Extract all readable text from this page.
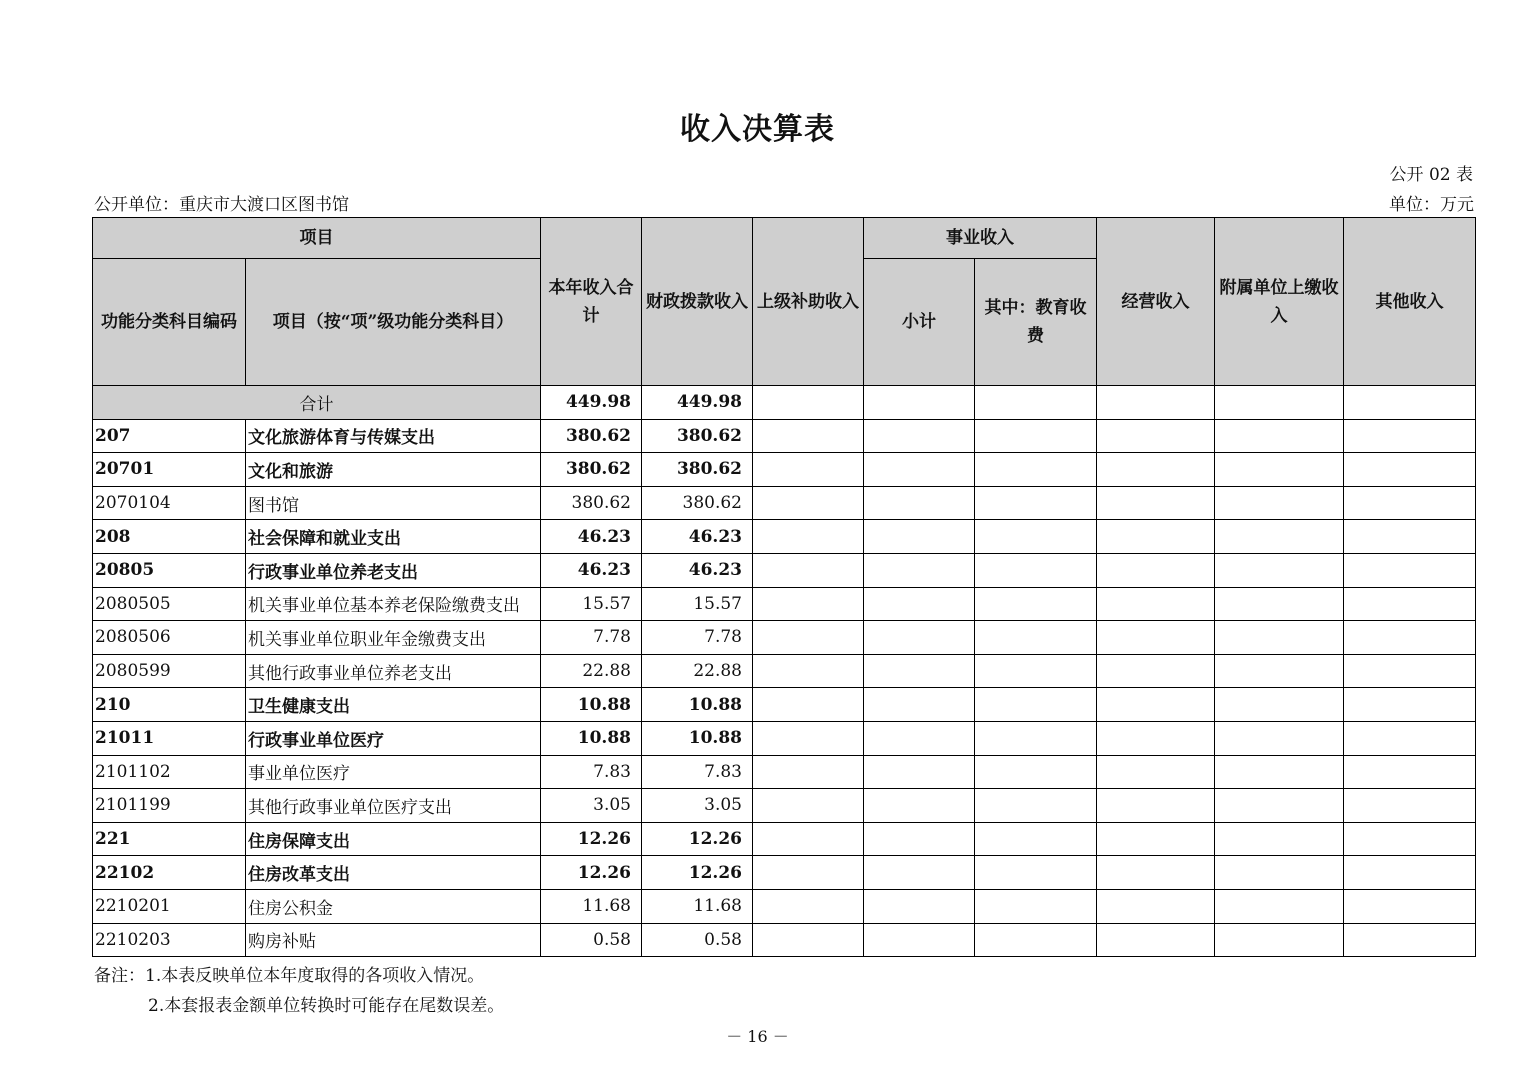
收入决算表
公开 02 表
公开单位：重庆市大渡口区图书馆	单位：万元
项目		本年收入合计	财政拨款收入	上级补助收入	事业收入		经营收入	附属单位上缴收入	其他收入
功能分类科目编码	项目（按“项”级功能分类科目）				小计	其中：教育收费			
合计		449.98	449.98						
207	文化旅游体育与传媒支出	380.62	380.62						
20701	文化和旅游	380.62	380.62						
2070104	图书馆	380.62	380.62						
208	社会保障和就业支出	46.23	46.23						
20805	行政事业单位养老支出	46.23	46.23						
2080505	机关事业单位基本养老保险缴费支出	15.57	15.57						
2080506	机关事业单位职业年金缴费支出	7.78	7.78						
2080599	其他行政事业单位养老支出	22.88	22.88						
210	卫生健康支出	10.88	10.88						
21011	行政事业单位医疗	10.88	10.88						
2101102	事业单位医疗	7.83	7.83						
2101199	其他行政事业单位医疗支出	3.05	3.05						
221	住房保障支出	12.26	12.26						
22102	住房改革支出	12.26	12.26						
2210201	住房公积金	11.68	11.68						
2210203	购房补贴	0.58	0.58						
备注：1.本表反映单位本年度取得的各项收入情况。
2.本套报表金额单位转换时可能存在尾数误差。
－ 16 －
